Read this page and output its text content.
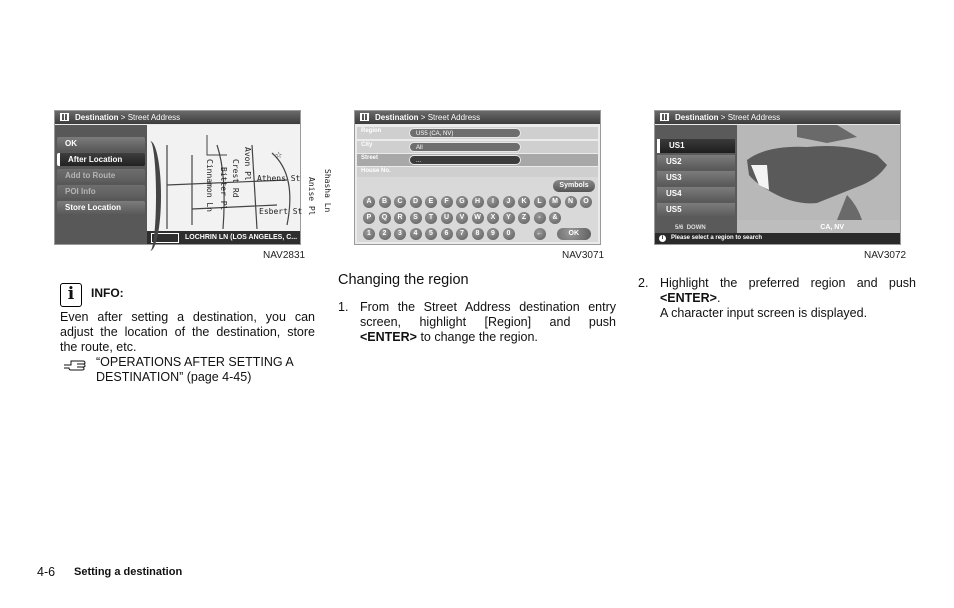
Destination > Street Address
OK
After Location
Add to Route
POI Info
Store Location
Avon Pl
Crest Rd
Bitter Pl
Cinnamon Ln	Athens St
Esbert St Anise Pl Shasha Ln
☆
LOCHRIN LN (LOS ANGELES, C...
NAV2831
Destination > Street Address
Region	US5 (CA, NV)
City	All
Street	...
House No.
Symbols
A	B	C	D	E	F	G	H	I	J	K	L	M	N	O
P	Q	R	S	T	U	V	W	X	Y	Z	-	&
1	2	3	4	5	6	7	8	9	0	←	OK
NAV3071
Destination > Street Address
US1
US2
US3
US4
US5
5/6 DOWN	CA, NV
i	Please select a region to search
NAV3072
i	INFO:
Even after setting a destination, you can adjust the location of the destination, store the route, etc.
“OPERATIONS AFTER SETTING A DESTINATION” (page 4-45)
Changing the region
1. From the Street Address destination entry screen, highlight [Region] and push <ENTER> to change the region.
2. Highlight the preferred region and push <ENTER>.
A character input screen is displayed.
4-6 Setting a destination
